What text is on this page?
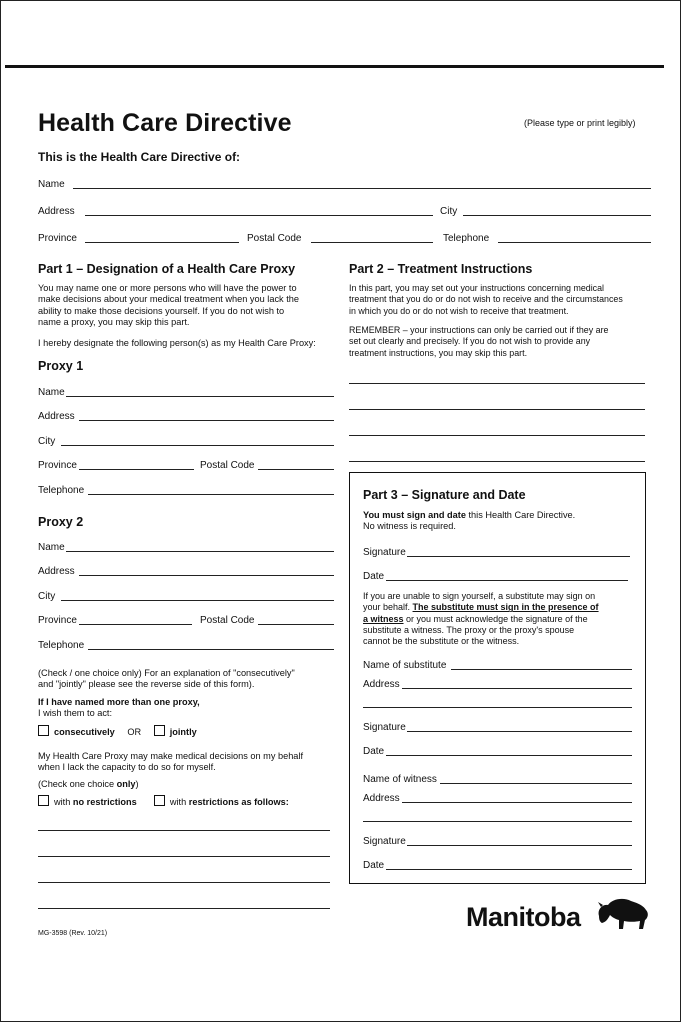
Health Care Directive	(Please type or print legibly)
This is the Health Care Directive of:
Name
Address	City
Province	Postal Code	Telephone
Part 1 – Designation of a Health Care Proxy
You may name one or more persons who will have the power to
make decisions about your medical treatment when you lack the
ability to make those decisions yourself. If you do not wish to
name a proxy, you may skip this part.
I hereby designate the following person(s) as my Health Care Proxy:
Proxy 1
Name
Address
City
Province	Postal Code
Telephone
Proxy 2
Name
Address
City
Province	Postal Code
Telephone
(Check / one choice only) For an explanation of "consecutively"
and "jointly" please see the reverse side of this form).
If I have named more than one proxy,
I wish them to act:
consecutively OR	jointly
My Health Care Proxy may make medical decisions on my behalf
when I lack the capacity to do so for myself.
(Check one choice only)
with no restrictions	with restrictions as follows:
Part 2 – Treatment Instructions
In this part, you may set out your instructions concerning medical
treatment that you do or do not wish to receive and the circumstances
in which you do or do not wish to receive that treatment.
REMEMBER – your instructions can only be carried out if they are
set out clearly and precisely. If you do not wish to provide any
treatment instructions, you may skip this part.
Part 3 – Signature and Date
You must sign and date this Health Care Directive.
No witness is required.
Signature
Date
If you are unable to sign yourself, a substitute may sign on
your behalf. The substitute must sign in the presence of
a witness or you must acknowledge the signature of the
substitute a witness. The proxy or the proxy's spouse
cannot be the substitute or the witness.
Name of substitute
Address
Signature
Date
Name of witness
Address
Signature
Date
MG-3598 (Rev. 10/21)
Manitoba
